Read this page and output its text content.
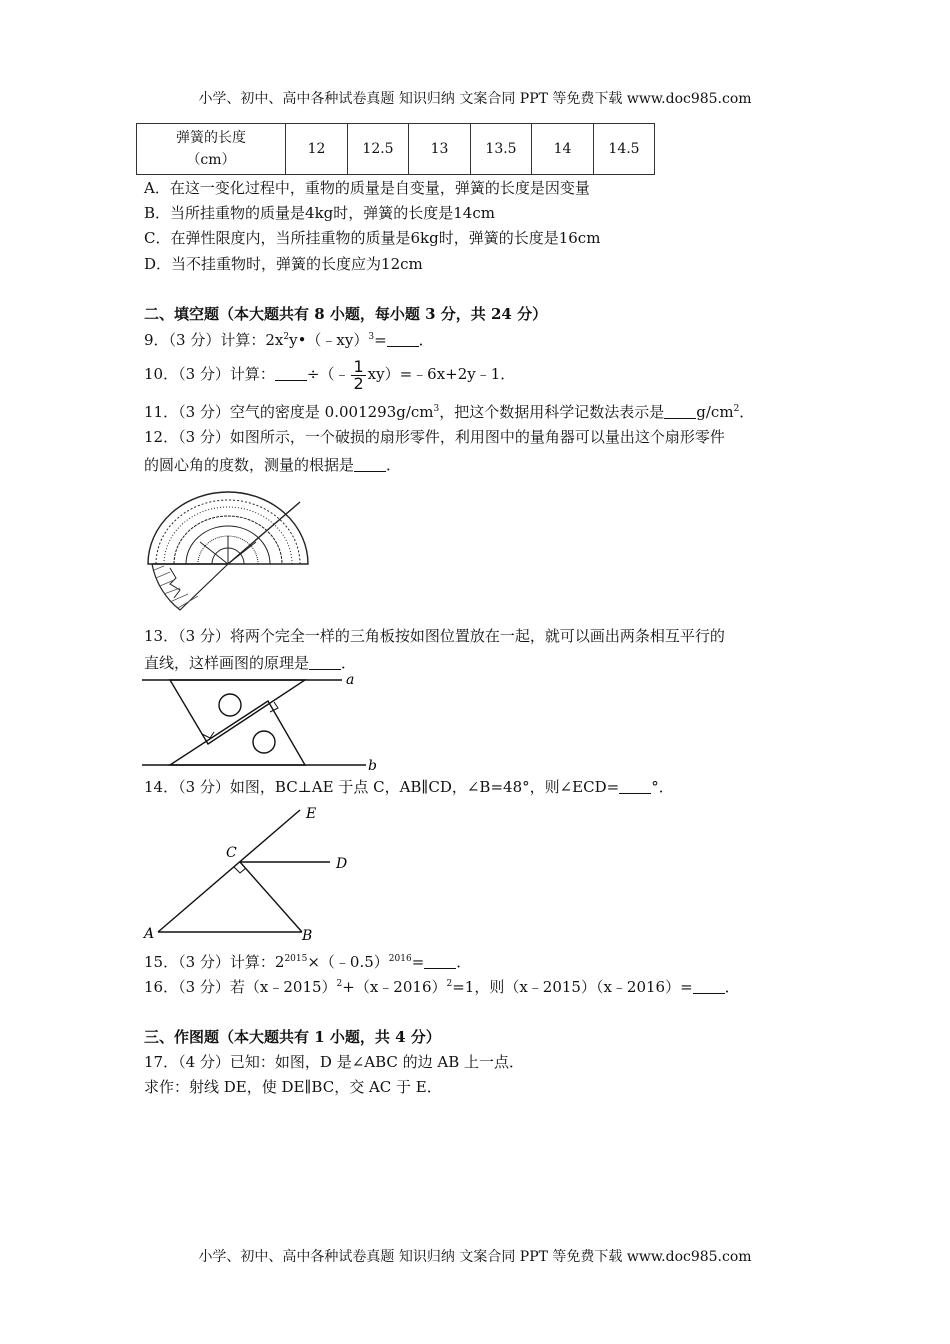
小学、初中、高中各种试卷真题 知识归纳 文案合同 PPT 等免费下载 www.doc985.com
弹簧的长度
（cm）	12	12.5	13	13.5	14	14.5
A．在这一变化过程中，重物的质量是自变量，弹簧的长度是因变量
B．当所挂重物的质量是4kg时，弹簧的长度是14cm
C．在弹性限度内，当所挂重物的质量是6kg时，弹簧的长度是16cm
D．当不挂重物时，弹簧的长度应为12cm
二、填空题（本大题共有 8 小题，每小题 3 分，共 24 分）
9．（3 分）计算：$2x^2y•(﹣xy)^3=$ ．
10．（3 分）计算： ÷（﹣ $\frac{1}{2}$ xy）=﹣6x+2y﹣1．
11．（3 分）空气的密度是 $0.001293g/cm^3$，把这个数据用科学记数法表示是 $g/cm^2$．
12．（3 分）如图所示，一个破损的扇形零件，利用图中的量角器可以量出这个扇形零件
的圆心角的度数，测量的根据是 ．
13．（3 分）将两个完全一样的三角板按如图位置放在一起，就可以画出两条相互平行的
直线，这样画图的原理是 ．
a
b
14．（3 分）如图，BC⊥AE 于点 C，AB∥CD，∠B=48°，则∠ECD= °．
A	B
C
D
E
15．（3 分）计算：$2^{2015}\times(﹣0.5)^{2016}=$ ．
16．（3 分）若（x﹣2015）$^2$+（x﹣2016）$^2$=1，则（x﹣2015）（x﹣2016）= ．
三、作图题（本大题共有 1 小题，共 4 分）
17．（4 分）已知：如图，D 是∠ABC 的边 AB 上一点．
求作：射线 DE，使 DE∥BC，交 AC 于 E．
小学、初中、高中各种试卷真题 知识归纳 文案合同 PPT 等免费下载 www.doc985.com
